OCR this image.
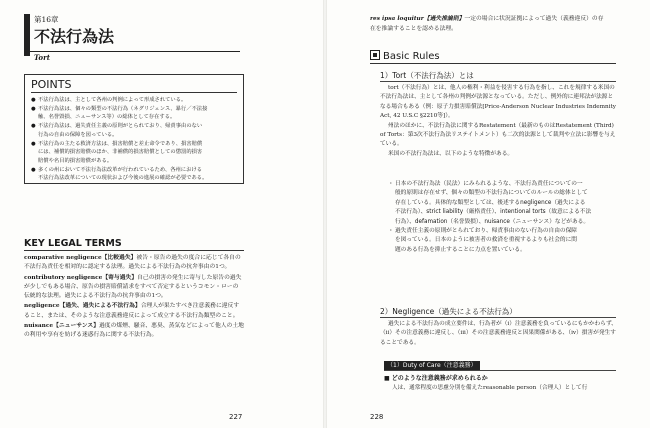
第16章
不法行為法
Tort
POINTS
● 不法行為法は、主として各州の判例によって形成されている。
● 不法行為法は、個々の類型の不法行為（ネグリジェンス、暴行／不法接
触、名誉毀損、ニューサンス等）の総体として存在する。
● 不法行為法は、過失責任主義の原則がとられており、帰責事由のない
行為の自由の保障を図っている。
● 不法行為の主たる救済方法は、損害賠償と差止命令であり、損害賠償
には、補償的損害賠償のほか、非補償的損害賠償としての懲罰的損害
賠償や名目的損害賠償がある。
● 多くの州において不法行為法改革が行われているため、各州における
不法行為法改革についての現状および今後の進展の確認が必要である。
KEY LEGAL TERMS
comparative negligence【比較過失】被告・原告の過失の度合に応じて各自の不法行為責任を相対的に認定する法理。過失による不法行為の抗弁事由の1つ。
contributory negligence【寄与過失】自己の損害の発生に寄与した原告の過失が少しでもある場合、原告の損害賠償請求をすべて否定するというコモン・ローの伝統的な法理。過失による不法行為の抗弁事由の1つ。
negligence【過失、過失による不法行為】合理人が果たすべき注意義務に違反すること、または、そのような注意義務違反によって成立する不法行為類型のこと。
nuisance【ニューサンス】過度の煤煙、騒音、悪臭、蒸気などによって他人の土地の利用や享有を妨げる迷惑行為に関する不法行為。
227
res ipsa loquitur【過失推論則】一定の場合に状況証拠によって過失（義務違反）の存在を推論することを認める法理。
Basic Rules
1）Tort（不法行為法）とは

tort（不法行為）とは、他人の権利・利益を侵害する行為を指し、これを規律する米国の不法行為法は、主として各州の判例が法源となっている。ただし、例外的に連邦法が法源となる場合もある（例：原子力損害賠償法[Price-Anderson Nuclear Industries Indemnity Act, 42 U.S.C §2210等]）。

州法のほかに、不法行為法に関するRestatement（最新のものはRestatement (Third) of Torts：第3次不法行為法リステイトメント）も二次的法源として裁判や立法に影響を与えている。

米国の不法行為法は、以下のような特徴がある。

・ 日本の不法行為法（民法）にみられるような、不法行為責任についての一
般的原則は存在せず、個々の類型の不法行為についてのルールの総体として
存在している。具体的な類型としては、後述するnegligence（過失による
不法行為）、strict liability（厳格責任）、intentional torts（故意による不法
行為）、defamation（名誉毀損）、nuisance（ニューサンス）などがある。
・ 過失責任主義の原則がとられており、帰責事由のない行為の自由の保障
を図っている。日本のように被害者の救済を重視するよりも社会的に問
題のある行為を抑止することに力点を置いている。
2）Negligence（過失による不法行為）

過失による不法行為の成立要件は、行為者が（i）注意義務を負っているにもかかわらず、（ii）その注意義務に違反し、（iii）その注意義務違反と因果関係がある、（iv）損害が発生することである。

（1）Duty of Care（注意義務）
■ どのような注意義務が求められるか

人は、通常程度の思慮分別を備えたreasonable person（合理人）として行

228
